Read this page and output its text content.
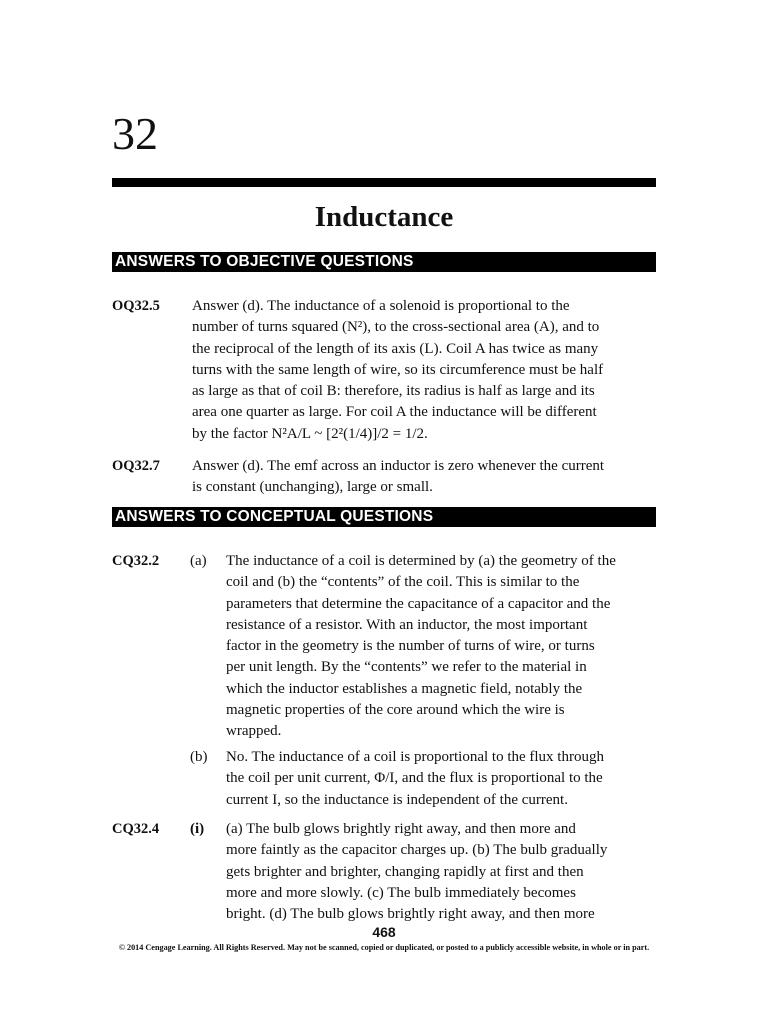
32
Inductance
ANSWERS TO OBJECTIVE QUESTIONS
OQ32.5 Answer (d). The inductance of a solenoid is proportional to the
number of turns squared (N²), to the cross-sectional area (A), and to
the reciprocal of the length of its axis (L). Coil A has twice as many
turns with the same length of wire, so its circumference must be half
as large as that of coil B: therefore, its radius is half as large and its
area one quarter as large. For coil A the inductance will be different
by the factor N²A/L ~ [2²(1/4)]/2 = 1/2.
OQ32.7 Answer (d). The emf across an inductor is zero whenever the current
is constant (unchanging), large or small.
ANSWERS TO CONCEPTUAL QUESTIONS
CQ32.2 (a) The inductance of a coil is determined by (a) the geometry of the
coil and (b) the “contents” of the coil. This is similar to the
parameters that determine the capacitance of a capacitor and the
resistance of a resistor. With an inductor, the most important
factor in the geometry is the number of turns of wire, or turns
per unit length. By the “contents” we refer to the material in
which the inductor establishes a magnetic field, notably the
magnetic properties of the core around which the wire is
wrapped.
(b) No. The inductance of a coil is proportional to the flux through
the coil per unit current, Φ/I, and the flux is proportional to the
current I, so the inductance is independent of the current.
CQ32.4 (i) (a) The bulb glows brightly right away, and then more and
more faintly as the capacitor charges up. (b) The bulb gradually
gets brighter and brighter, changing rapidly at first and then
more and more slowly. (c) The bulb immediately becomes
bright. (d) The bulb glows brightly right away, and then more
468
© 2014 Cengage Learning. All Rights Reserved. May not be scanned, copied or duplicated, or posted to a publicly accessible website, in whole or in part.
